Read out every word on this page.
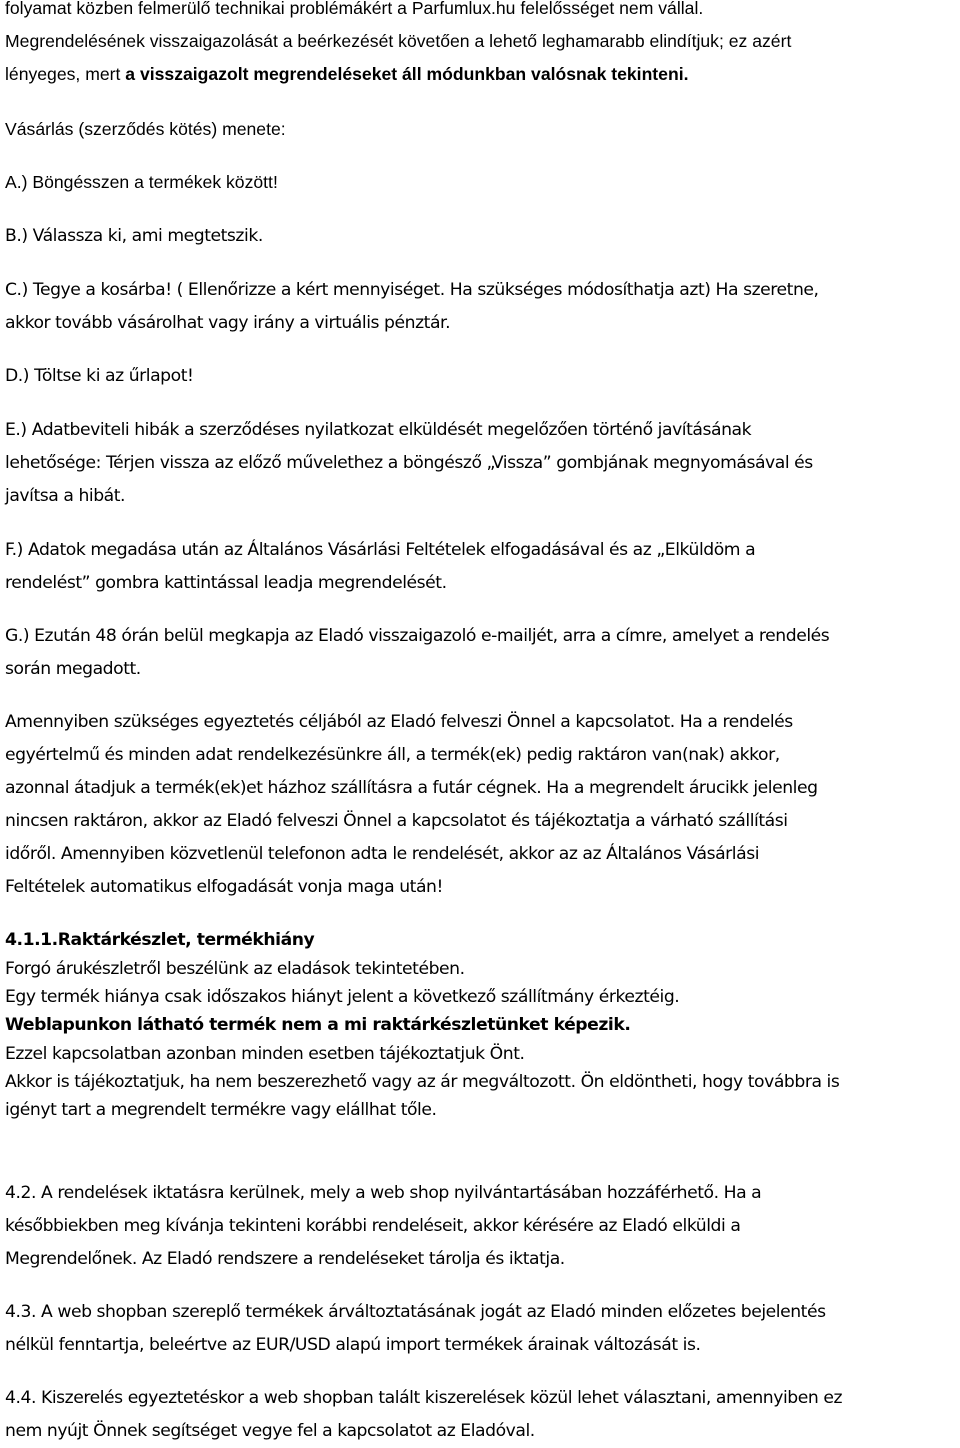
folyamat közben felmerülő technikai problémákért a Parfumlux.hu felelősséget nem vállal.
Megrendelésének visszaigazolását a beérkezését követően a lehető leghamarabb elindítjuk; ez azért
lényeges, mert a visszaigazolt megrendeléseket áll módunkban valósnak tekinteni.
Vásárlás (szerződés kötés) menete:
A.) Böngésszen a termékek között!
B.) Válassza ki, ami megtetszik.
C.) Tegye a kosárba! ( Ellenőrizze a kért mennyiséget. Ha szükséges módosíthatja azt) Ha szeretne,
akkor tovább vásárolhat vagy irány a virtuális pénztár.
D.) Töltse ki az űrlapot!
E.) Adatbeviteli hibák a szerződéses nyilatkozat elküldését megelőzően történő javításának
lehetősége: Térjen vissza az előző művelethez a böngésző „Vissza” gombjának megnyomásával és
javítsa a hibát.
F.) Adatok megadása után az Általános Vásárlási Feltételek elfogadásával és az „Elküldöm a
rendelést” gombra kattintással leadja megrendelését.
G.) Ezután 48 órán belül megkapja az Eladó visszaigazoló e-mailjét, arra a címre, amelyet a rendelés
során megadott.
Amennyiben szükséges egyeztetés céljából az Eladó felveszi Önnel a kapcsolatot. Ha a rendelés
egyértelmű és minden adat rendelkezésünkre áll, a termék(ek) pedig raktáron van(nak) akkor,
azonnal átadjuk a termék(ek)et házhoz szállításra a futár cégnek. Ha a megrendelt árucikk jelenleg
nincsen raktáron, akkor az Eladó felveszi Önnel a kapcsolatot és tájékoztatja a várható szállítási
időről. Amennyiben közvetlenül telefonon adta le rendelését, akkor az az Általános Vásárlási
Feltételek automatikus elfogadását vonja maga után!
4.1.1.Raktárkészlet, termékhiány
Forgó árukészletről beszélünk az eladások tekintetében.
Egy termék hiánya csak időszakos hiányt jelent a következő szállítmány érkeztéig.
Weblapunkon látható termék nem a mi raktárkészletünket képezik.
Ezzel kapcsolatban azonban minden esetben tájékoztatjuk Önt.
Akkor is tájékoztatjuk, ha nem beszerezhető vagy az ár megváltozott. Ön eldöntheti, hogy továbbra is
igényt tart a megrendelt termékre vagy elállhat tőle.
4.2. A rendelések iktatásra kerülnek, mely a web shop nyilvántartásában hozzáférhető. Ha a
későbbiekben meg kívánja tekinteni korábbi rendeléseit, akkor kérésére az Eladó elküldi a
Megrendelőnek. Az Eladó rendszere a rendeléseket tárolja és iktatja.
4.3. A web shopban szereplő termékek árváltoztatásának jogát az Eladó minden előzetes bejelentés
nélkül fenntartja, beleértve az EUR/USD alapú import termékek árainak változását is.
4.4. Kiszerelés egyeztetéskor a web shopban talált kiszerelések közül lehet választani, amennyiben ez
nem nyújt Önnek segítséget vegye fel a kapcsolatot az Eladóval.
